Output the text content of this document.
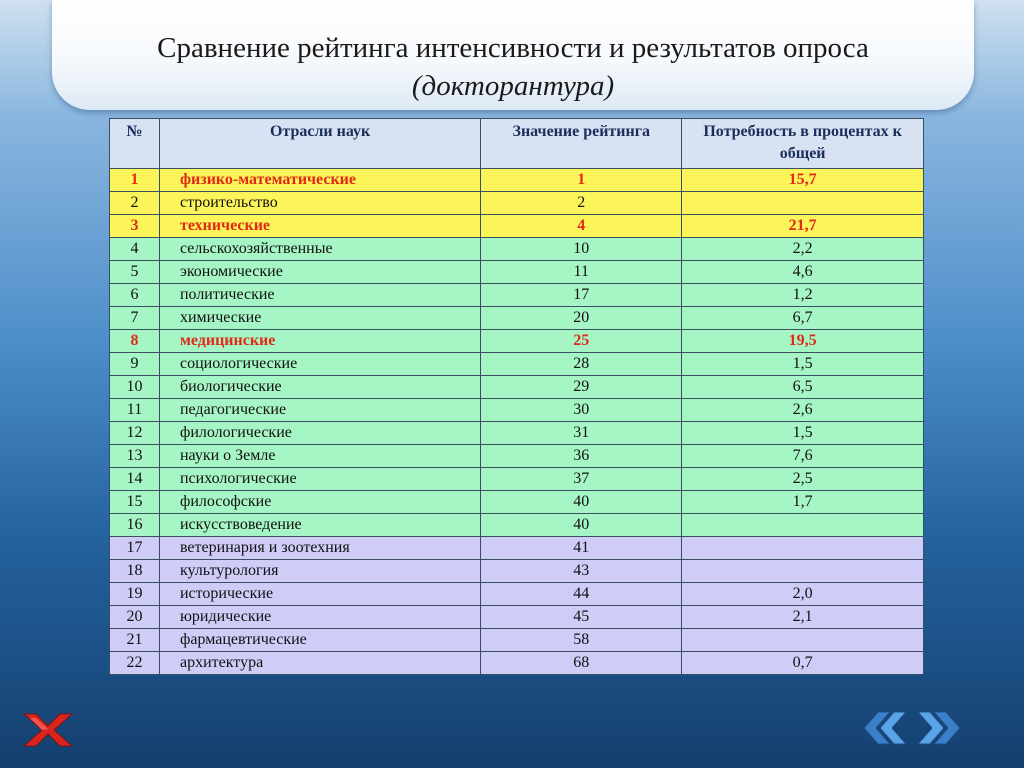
Сравнение рейтинга интенсивности и результатов опроса
(докторантура)
№	Отрасли наук	Значение рейтинга	Потребность в процентах к общей
1	физико-математические	1	15,7
2	строительство	2	
3	технические	4	21,7
4	сельскохозяйственные	10	2,2
5	экономические	11	4,6
6	политические	17	1,2
7	химические	20	6,7
8	медицинские	25	19,5
9	социологические	28	1,5
10	биологические	29	6,5
11	педагогические	30	2,6
12	филологические	31	1,5
13	науки о Земле	36	7,6
14	психологические	37	2,5
15	философские	40	1,7
16	искусствоведение	40	
17	ветеринария и зоотехния	41	
18	культурология	43	
19	исторические	44	2,0
20	юридические	45	2,1
21	фармацевтические	58	
22	архитектура	68	0,7
